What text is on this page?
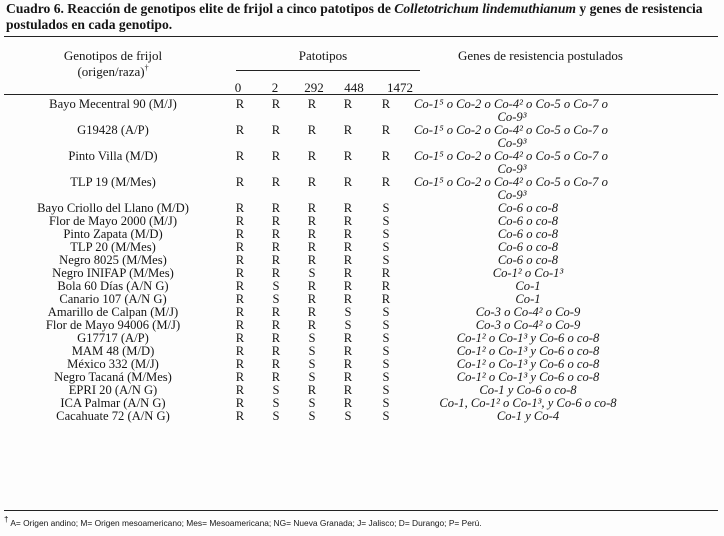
Cuadro 6. Reacción de genotipos elite de frijol a cinco patotipos de Colletotrichum lindemuthianum y genes de resistencia postulados en cada genotipo.
Genotipos de frijol
(origen/raza)†
Patotipos
0	2	292	448	1472
Genes de resistencia postulados
Bayo Mecentral 90 (M/J)	R	R	R	R	R	Co-1⁵ o Co-2 o Co-4² o Co-5 o Co-7 o
Co-9³

G19428 (A/P)	R	R	R	R	R	Co-1⁵ o Co-2 o Co-4² o Co-5 o Co-7 o
Co-9³

Pinto Villa (M/D)	R	R	R	R	R	Co-1⁵ o Co-2 o Co-4² o Co-5 o Co-7 o
Co-9³

TLP 19 (M/Mes)	R	R	R	R	R	Co-1⁵ o Co-2 o Co-4² o Co-5 o Co-7 o
Co-9³

Bayo Criollo del Llano (M/D)	R	R	R	R	S	Co-6 o co-8
Flor de Mayo 2000 (M/J)	R	R	R	R	S	Co-6 o co-8
Pinto Zapata (M/D)	R	R	R	R	S	Co-6 o co-8
TLP 20 (M/Mes)	R	R	R	R	S	Co-6 o co-8
Negro 8025 (M/Mes)	R	R	R	R	S	Co-6 o co-8
Negro INIFAP (M/Mes)	R	R	S	R	R	Co-1² o Co-1³
Bola 60 Días (A/N G)	R	S	R	R	R	Co-1
Canario 107 (A/N G)	R	S	R	R	R	Co-1
Amarillo de Calpan (M/J)	R	R	R	S	S	Co-3 o Co-4² o Co-9
Flor de Mayo 94006 (M/J)	R	R	R	S	S	Co-3 o Co-4² o Co-9
G17717 (A/P)	R	R	S	R	S	Co-1² o Co-1³ y Co-6 o co-8
MAM 48 (M/D)	R	R	S	R	S	Co-1² o Co-1³ y Co-6 o co-8
México 332 (M/J)	R	R	S	R	S	Co-1² o Co-1³ y Co-6 o co-8
Negro Tacaná (M/Mes)	R	R	S	R	S	Co-1² o Co-1³ y Co-6 o co-8
EPRI 20 (A/N G)	R	S	R	R	S	Co-1 y Co-6 o co-8
ICA Palmar (A/N G)	R	S	S	R	S	Co-1, Co-1² o Co-1³, y Co-6 o co-8
Cacahuate 72 (A/N G)	R	S	S	S	S	Co-1 y Co-4
† A= Origen andino; M= Origen mesoamericano; Mes= Mesoamericana; NG= Nueva Granada; J= Jalisco; D= Durango; P= Perú.
